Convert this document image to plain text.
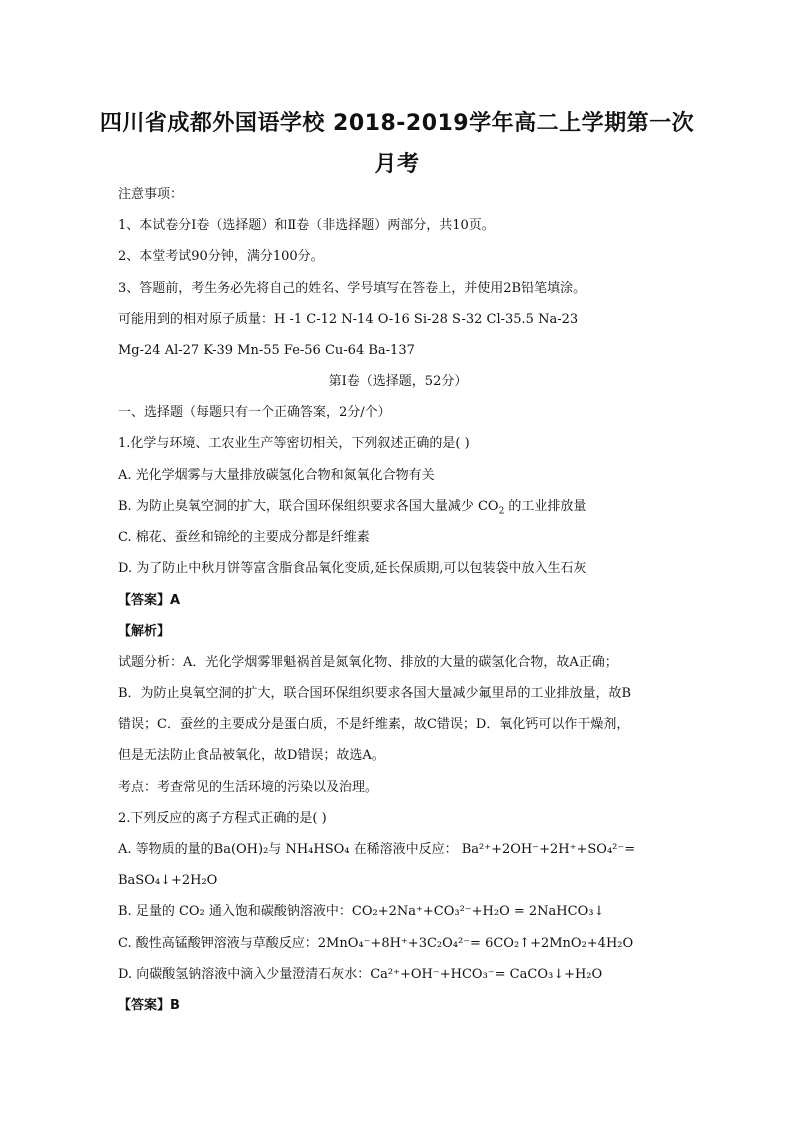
四川省成都外国语学校 2018-2019学年高二上学期第一次
月考
注意事项：
1、本试卷分Ⅰ卷（选择题）和Ⅱ卷（非选择题）两部分，共10页。
2、本堂考试90分钟，满分100分。
3、答题前，考生务必先将自己的姓名、学号填写在答卷上，并使用2B铅笔填涂。
可能用到的相对原子质量：H -1 C-12 N-14 O-16 Si-28 S-32 Cl-35.5 Na-23
Mg-24 Al-27 K-39 Mn-55 Fe-56 Cu-64 Ba-137
第Ⅰ卷（选择题，52分）
一、选择题（每题只有一个正确答案，2分/个）
1.化学与环境、工农业生产等密切相关，下列叙述正确的是( )
A. 光化学烟雾与大量排放碳氢化合物和氮氧化合物有关
B. 为防止臭氧空洞的扩大，联合国环保组织要求各国大量减少 $CO_2$ 的工业排放量
C. 棉花、蚕丝和锦纶的主要成分都是纤维素
D. 为了防止中秋月饼等富含脂食品氧化变质,延长保质期,可以包装袋中放入生石灰
【答案】A
【解析】
试题分析：A．光化学烟雾罪魁祸首是氮氧化物、排放的大量的碳氢化合物，故A正确；
B．为防止臭氧空洞的扩大，联合国环保组织要求各国大量减少氟里昂的工业排放量，故B
错误；C．蚕丝的主要成分是蛋白质，不是纤维素，故C错误；D．氧化钙可以作干燥剂，
但是无法防止食品被氧化，故D错误；故选A。
考点：考查常见的生活环境的污染以及治理。
2.下列反应的离子方程式正确的是( )
A. 等物质的量的Ba(OH)₂与 NH₄HSO₄ 在稀溶液中反应： Ba²⁺+2OH⁻+2H⁺+SO₄²⁻=
BaSO₄↓+2H₂O
B. 足量的 CO₂ 通入饱和碳酸钠溶液中：CO₂+2Na⁺+CO₃²⁻+H₂O = 2NaHCO₃↓
C. 酸性高锰酸钾溶液与草酸反应：2MnO₄⁻+8H⁺+3C₂O₄²⁻= 6CO₂↑+2MnO₂+4H₂O
D. 向碳酸氢钠溶液中滴入少量澄清石灰水：Ca²⁺+OH⁻+HCO₃⁻= CaCO₃↓+H₂O
【答案】B
